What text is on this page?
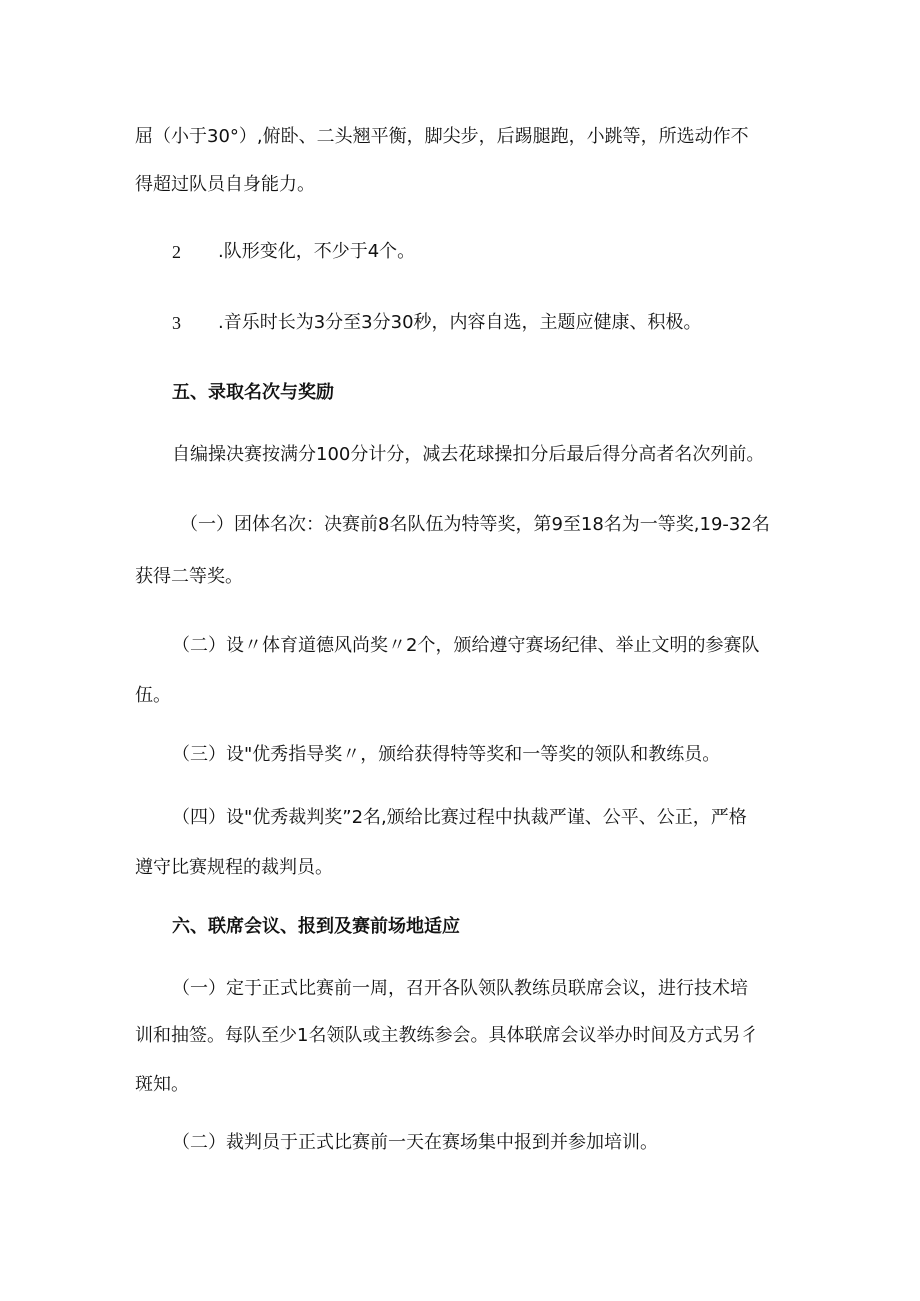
屈（小于30°）,俯卧、二头翘平衡，脚尖步，后踢腿跑，小跳等，所选动作不
得超过队员自身能力。
2 .队形变化，不少于4个。
3 .音乐时长为3分至3分30秒，内容自选，主题应健康、积极。
五、录取名次与奖励
自编操决赛按满分100分计分，减去花球操扣分后最后得分高者名次列前。
（一）团体名次：决赛前8名队伍为特等奖，第9至18名为一等奖,19-32名
获得二等奖。
（二）设〃体育道德风尚奖〃2个，颁给遵守赛场纪律、举止文明的参赛队
伍。
（三）设"优秀指导奖〃，颁给获得特等奖和一等奖的领队和教练员。
（四）设"优秀裁判奖”2名,颁给比赛过程中执裁严谨、公平、公正，严格
遵守比赛规程的裁判员。
六、联席会议、报到及赛前场地适应
（一）定于正式比赛前一周，召开各队领队教练员联席会议，进行技术培
训和抽签。每队至少1名领队或主教练参会。具体联席会议举办时间及方式另彳
斑知。
（二）裁判员于正式比赛前一天在赛场集中报到并参加培训。
